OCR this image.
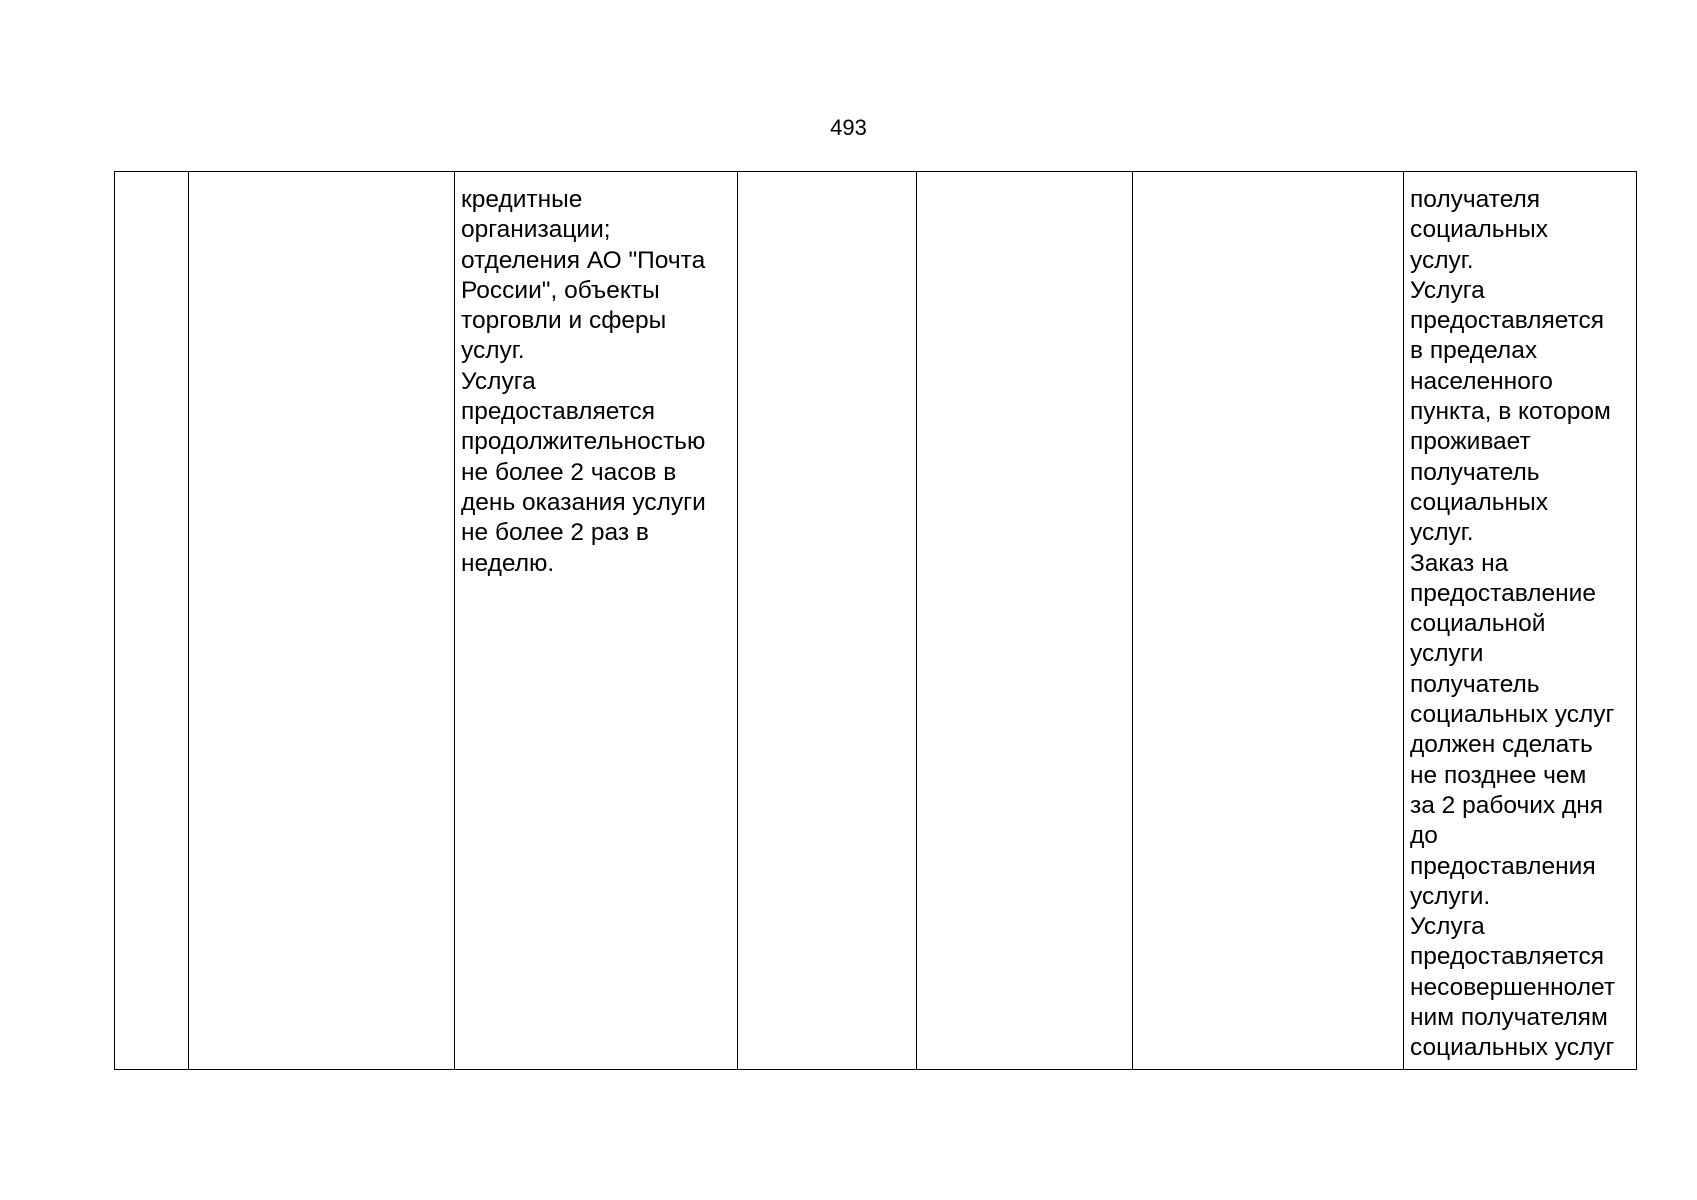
493
		кредитные
организации;
отделения АО "Почта
России", объекты
торговли и сферы
услуг.
Услуга
предоставляется
продолжительностью
не более 2 часов в
день оказания услуги
не более 2 раз в
неделю.				получателя
социальных
услуг.
Услуга
предоставляется
в пределах
населенного
пункта, в котором
проживает
получатель
социальных
услуг.
Заказ на
предоставление
социальной
услуги
получатель
социальных услуг
должен сделать
не позднее чем
за 2 рабочих дня
до
предоставления
услуги.
Услуга
предоставляется
несовершеннолет
ним получателям
социальных услуг
